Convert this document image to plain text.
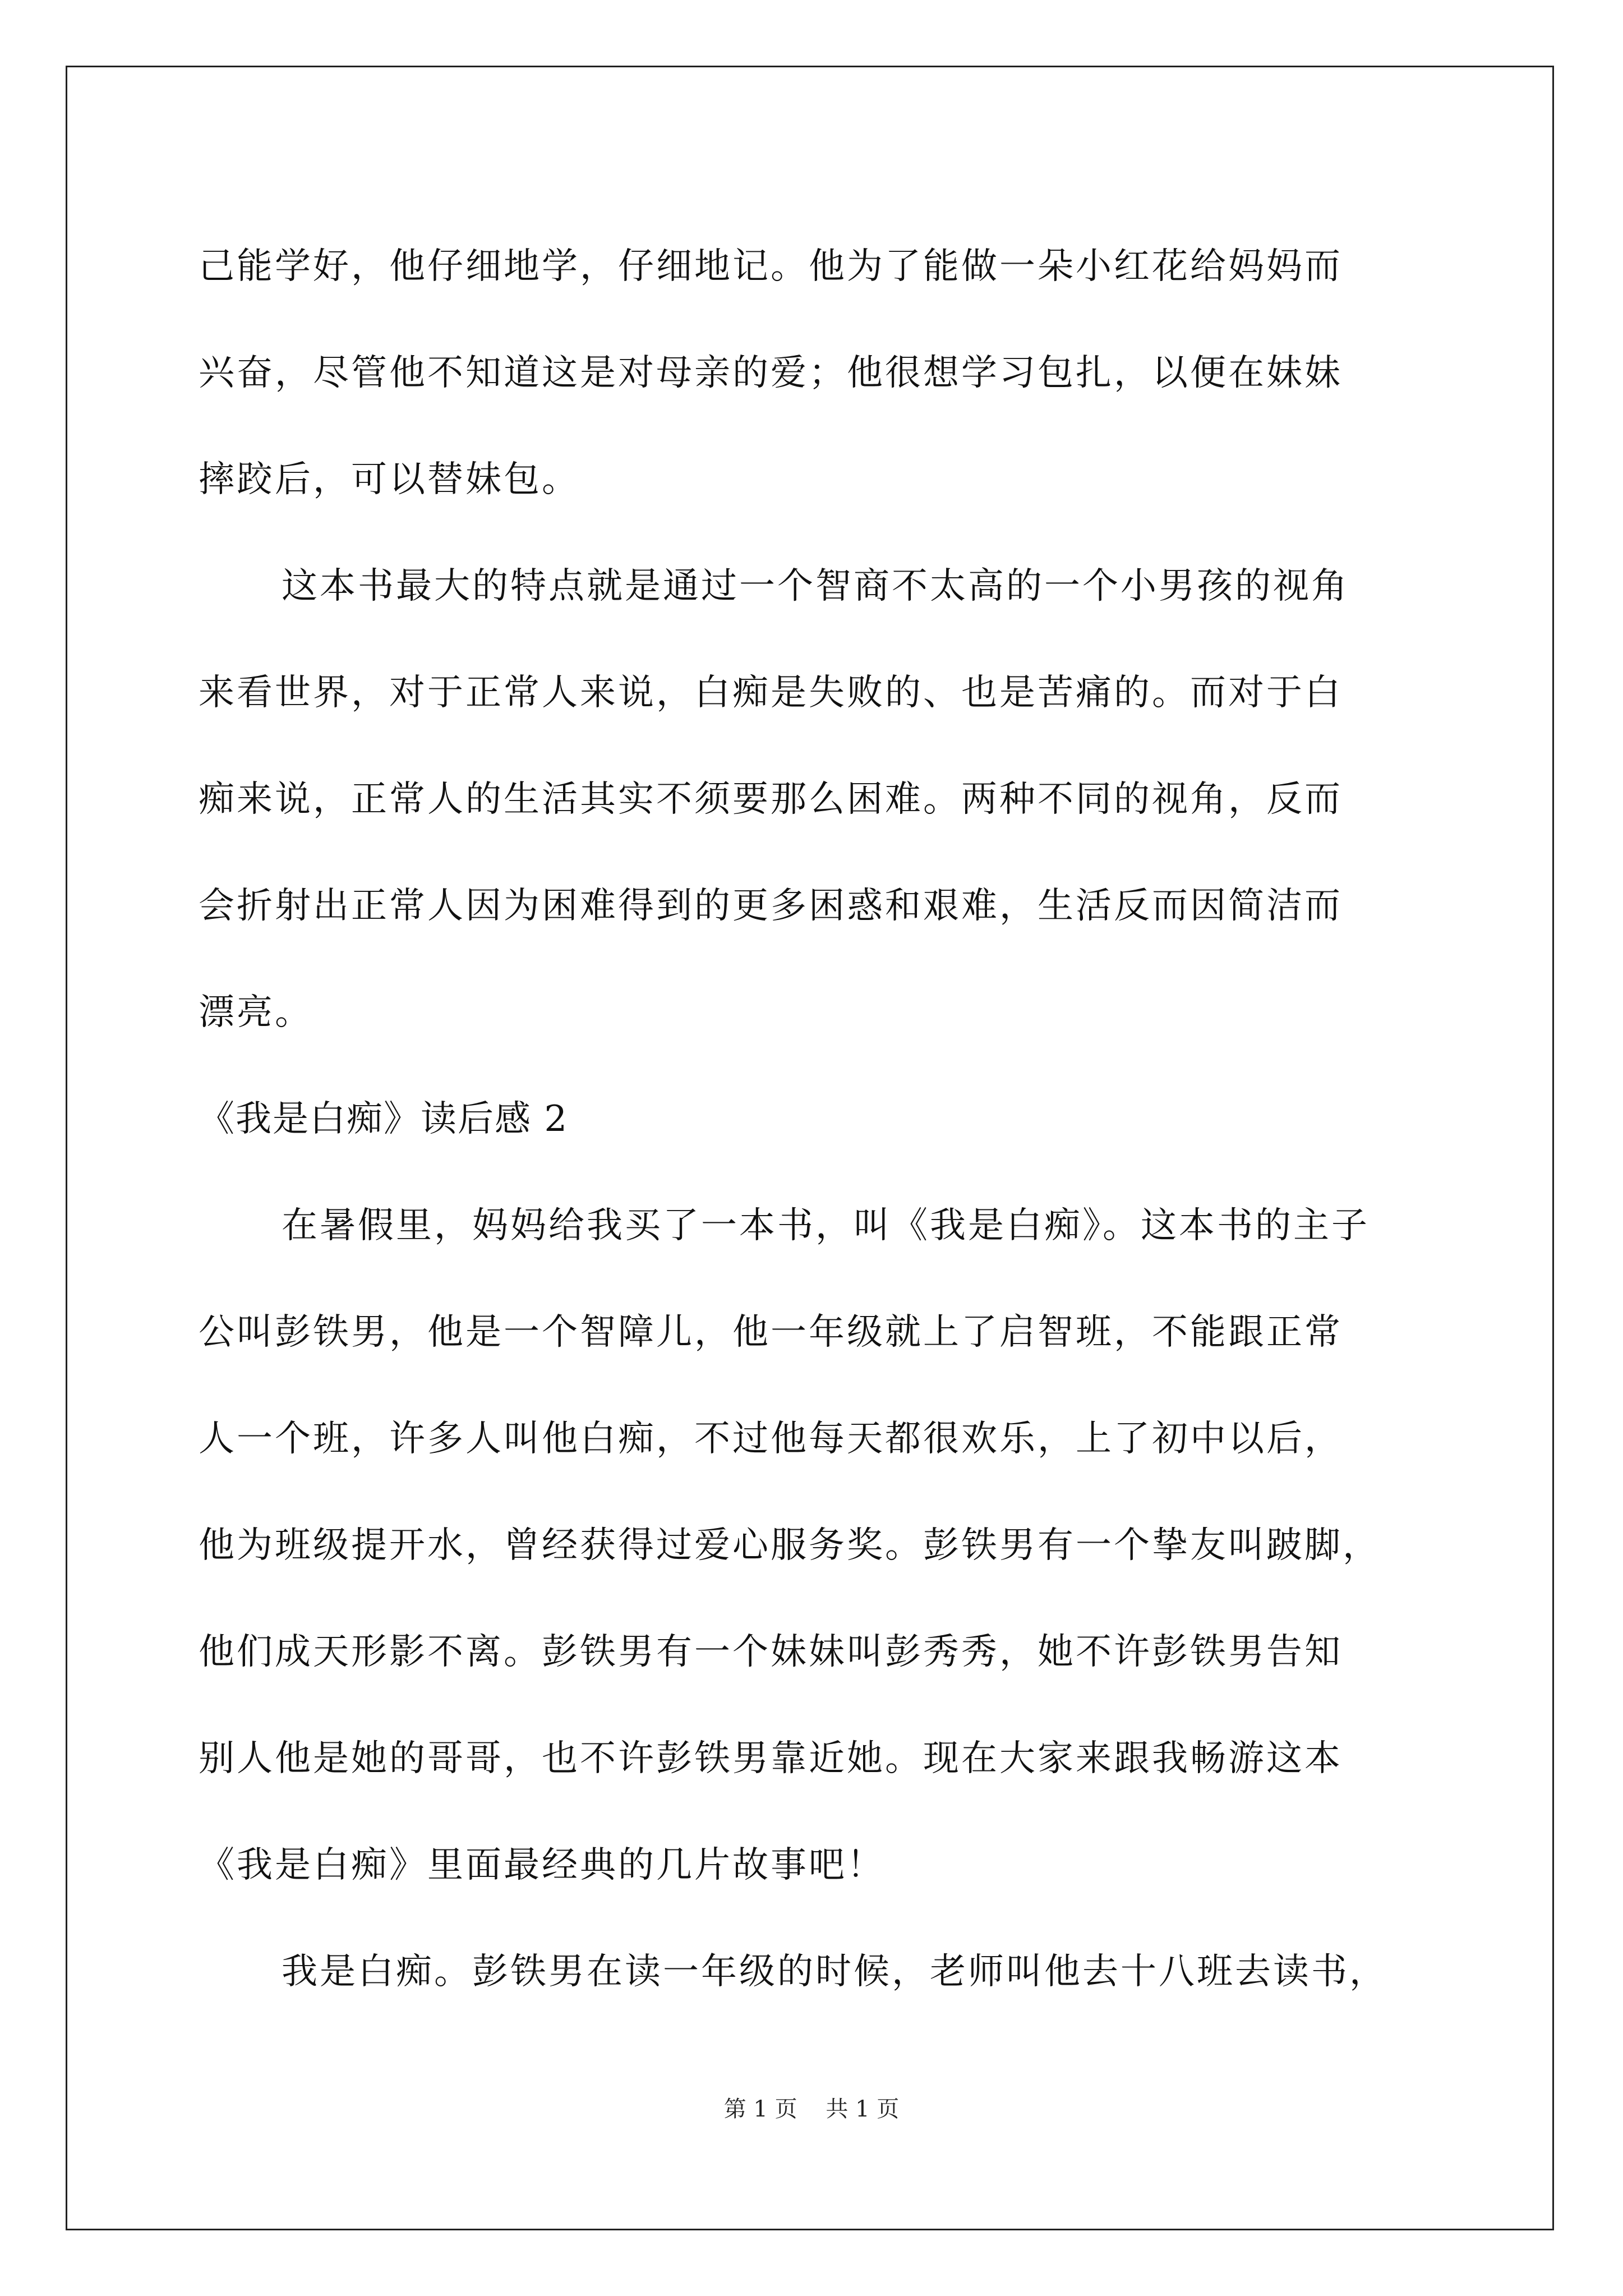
己能学好，他仔细地学，仔细地记。他为了能做一朵小红花给妈妈而
兴奋，尽管他不知道这是对母亲的爱；他很想学习包扎，以便在妹妹
摔跤后，可以替妹包。
这本书最大的特点就是通过一个智商不太高的一个小男孩的视角
来看世界，对于正常人来说，白痴是失败的、也是苦痛的。而对于白
痴来说，正常人的生活其实不须要那么困难。两种不同的视角，反而
会折射出正常人因为困难得到的更多困惑和艰难，生活反而因简洁而
漂亮。
《我是白痴》读后感 2
在暑假里，妈妈给我买了一本书，叫《我是白痴》。这本书的主子
公叫彭铁男，他是一个智障儿，他一年级就上了启智班，不能跟正常
人一个班，许多人叫他白痴，不过他每天都很欢乐，上了初中以后，
他为班级提开水，曾经获得过爱心服务奖。彭铁男有一个挚友叫跛脚，
他们成天形影不离。彭铁男有一个妹妹叫彭秀秀，她不许彭铁男告知
别人他是她的哥哥，也不许彭铁男靠近她。现在大家来跟我畅游这本
《我是白痴》里面最经典的几片故事吧！
我是白痴。彭铁男在读一年级的时候，老师叫他去十八班去读书，
第 1 页    共 1 页
